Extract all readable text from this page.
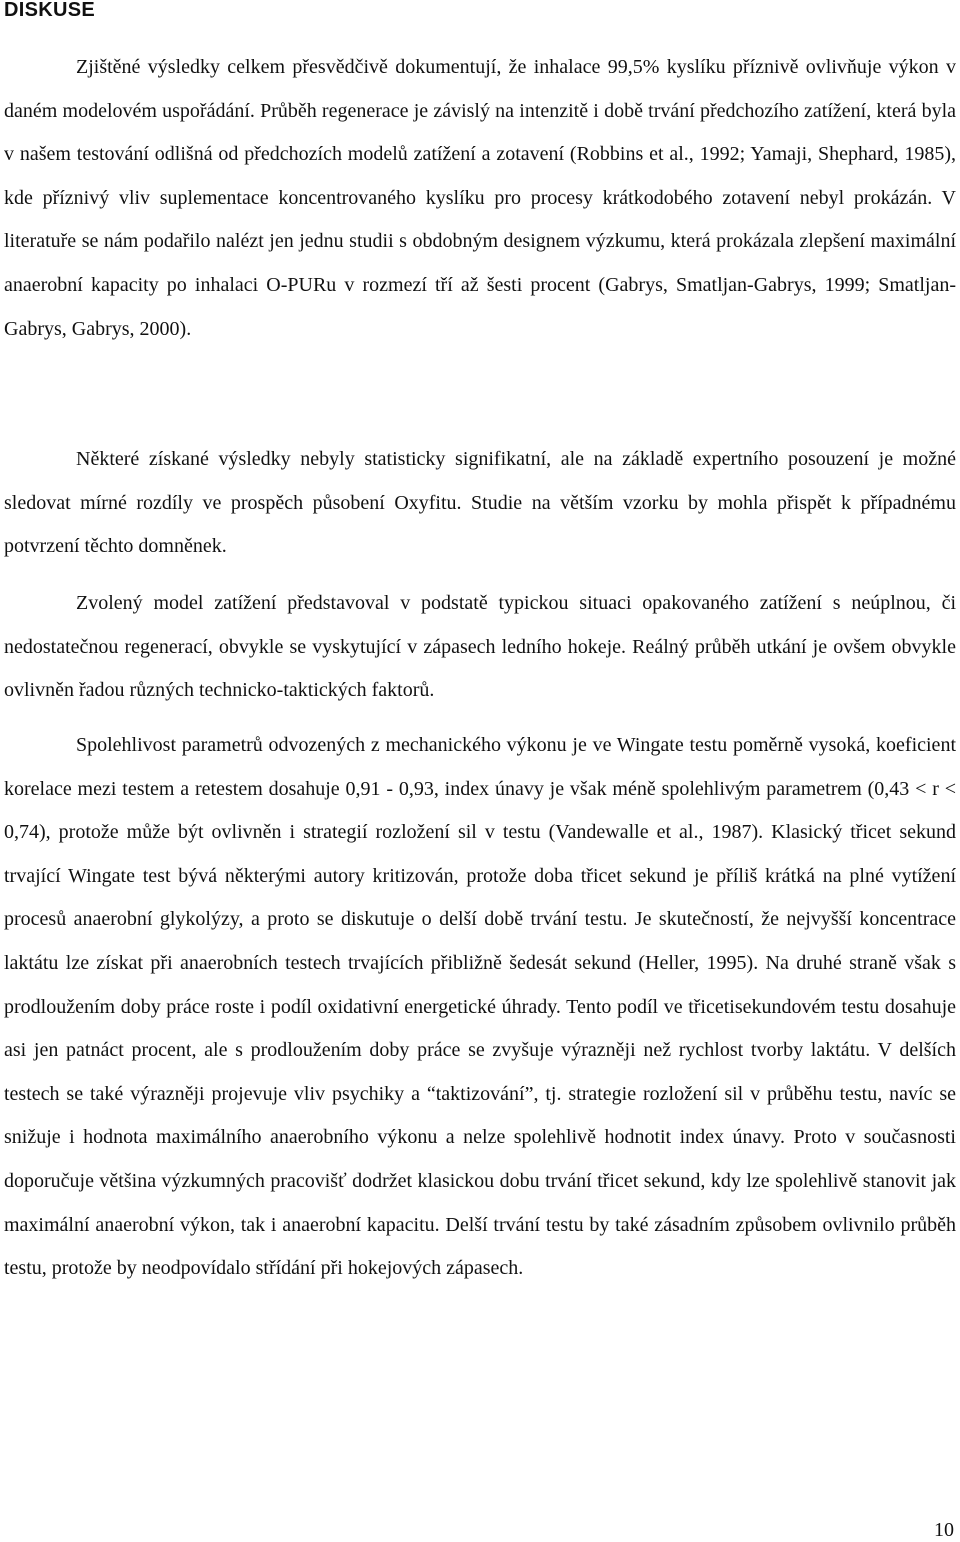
DISKUSE

Zjištěné výsledky celkem přesvědčivě dokumentují, že inhalace 99,5% kyslíku příznivě ovlivňuje výkon v daném modelovém uspořádání. Průběh regenerace je závislý na intenzitě i době trvání předchozího zatížení, která byla v našem testování odlišná od předchozích modelů zatížení a zotavení (Robbins et al., 1992; Yamaji, Shephard, 1985), kde příznivý vliv suplementace koncentrovaného kyslíku pro procesy krátkodobého zotavení nebyl prokázán. V literatuře se nám podařilo nalézt jen jednu studii s obdobným designem výzkumu, která prokázala zlepšení maximální anaerobní kapacity po inhalaci O-PURu v rozmezí tří až šesti procent (Gabrys, Smatljan-Gabrys, 1999; Smatljan-Gabrys, Gabrys, 2000).

Některé získané výsledky nebyly statisticky signifikatní, ale na základě expertního posouzení je možné sledovat mírné rozdíly ve prospěch působení Oxyfitu. Studie na větším vzorku by mohla přispět k případnému potvrzení těchto domněnek.

Zvolený model zatížení představoval v podstatě typickou situaci opakovaného zatížení s neúplnou, či nedostatečnou regenerací, obvykle se vyskytující v zápasech ledního hokeje. Reálný průběh utkání je ovšem obvykle ovlivněn řadou různých technicko-taktických faktorů.

Spolehlivost parametrů odvozených z mechanického výkonu je ve Wingate testu poměrně vysoká, koeficient korelace mezi testem a retestem dosahuje 0,91 - 0,93, index únavy je však méně spolehlivým parametrem (0,43 < r < 0,74), protože může být ovlivněn i strategií rozložení sil v testu (Vandewalle et al., 1987). Klasický třicet sekund trvající Wingate test bývá některými autory kritizován, protože doba třicet sekund je příliš krátká na plné vytížení procesů anaerobní glykolýzy, a proto se diskutuje o delší době trvání testu. Je skutečností, že nejvyšší koncentrace laktátu lze získat při anaerobních testech trvajících přibližně šedesát sekund (Heller, 1995). Na druhé straně však s prodloužením doby práce roste i podíl oxidativní energetické úhrady. Tento podíl ve třicetisekundovém testu dosahuje asi jen patnáct procent, ale s prodloužením doby práce se zvyšuje výrazněji než rychlost tvorby laktátu. V delších testech se také výrazněji projevuje vliv psychiky a “taktizování”, tj. strategie rozložení sil v průběhu testu, navíc se snižuje i hodnota maximálního anaerobního výkonu a nelze spolehlivě hodnotit index únavy. Proto v současnosti doporučuje většina výzkumných pracovišť dodržet klasickou dobu trvání třicet sekund, kdy lze spolehlivě stanovit jak maximální anaerobní výkon, tak i anaerobní kapacitu. Delší trvání testu by také zásadním způsobem ovlivnilo průběh testu, protože by neodpovídalo střídání při hokejových zápasech.

10
